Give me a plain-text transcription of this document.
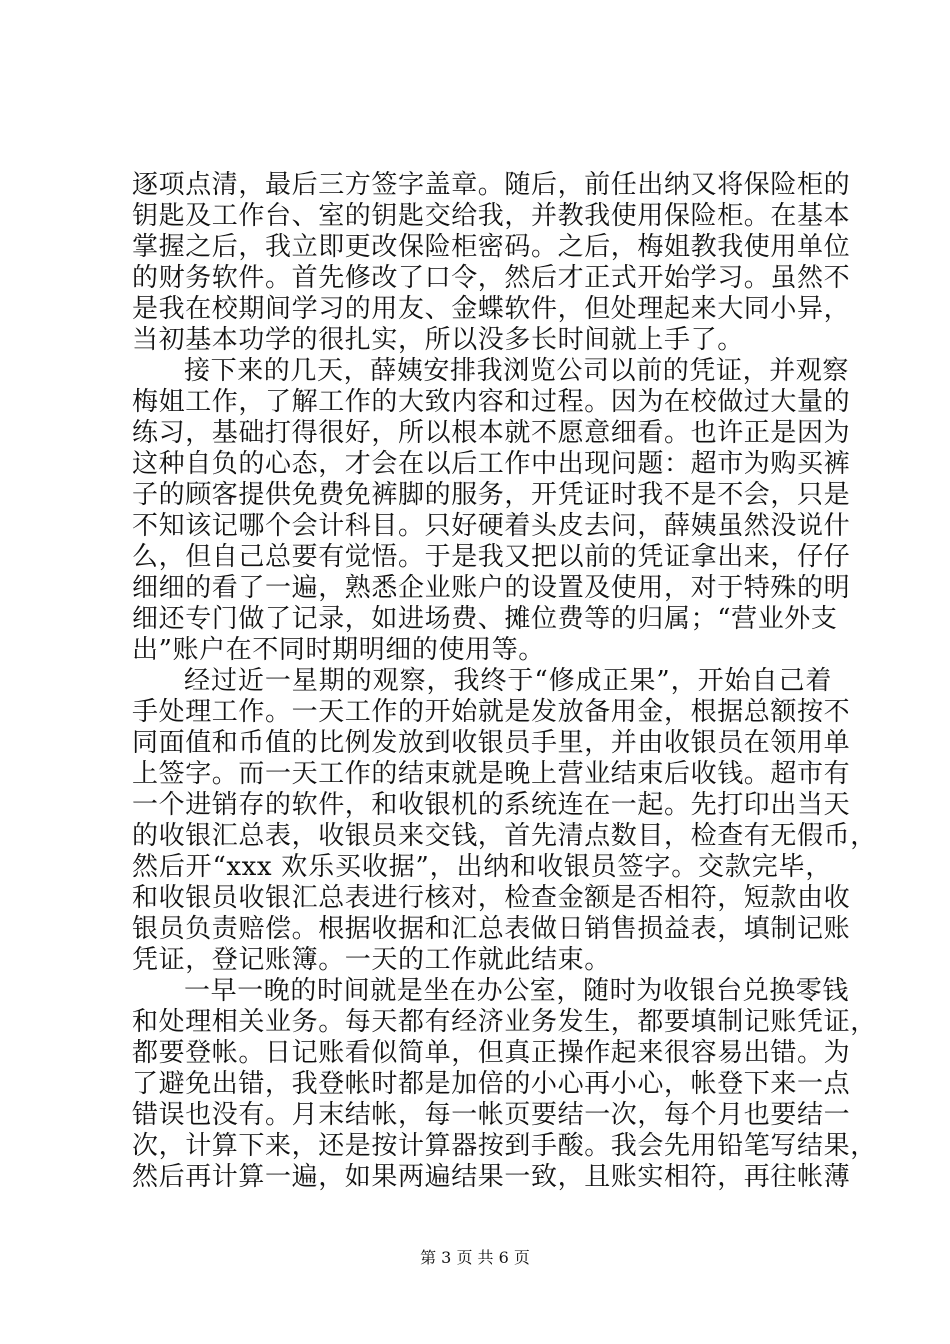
逐项点清，最后三方签字盖章。随后，前任出纳又将保险柜的
钥匙及工作台、室的钥匙交给我，并教我使用保险柜。在基本
掌握之后，我立即更改保险柜密码。之后，梅姐教我使用单位
的财务软件。首先修改了口令，然后才正式开始学习。虽然不
是我在校期间学习的用友、金蝶软件，但处理起来大同小异，
当初基本功学的很扎实，所以没多长时间就上手了。
接下来的几天，薛姨安排我浏览公司以前的凭证，并观察
梅姐工作，了解工作的大致内容和过程。因为在校做过大量的
练习，基础打得很好，所以根本就不愿意细看。也许正是因为
这种自负的心态，才会在以后工作中出现问题：超市为购买裤
子的顾客提供免费免裤脚的服务，开凭证时我不是不会，只是
不知该记哪个会计科目。只好硬着头皮去问，薛姨虽然没说什
么，但自己总要有觉悟。于是我又把以前的凭证拿出来，仔仔
细细的看了一遍，熟悉企业账户的设置及使用，对于特殊的明
细还专门做了记录，如进场费、摊位费等的归属；“营业外支
出”账户在不同时期明细的使用等。
经过近一星期的观察，我终于“修成正果”，开始自己着
手处理工作。一天工作的开始就是发放备用金，根据总额按不
同面值和币值的比例发放到收银员手里，并由收银员在领用单
上签字。而一天工作的结束就是晚上营业结束后收钱。超市有
一个进销存的软件，和收银机的系统连在一起。先打印出当天
的收银汇总表，收银员来交钱，首先清点数目，检查有无假币，
然后开“xxx 欢乐买收据”，出纳和收银员签字。交款完毕，
和收银员收银汇总表进行核对，检查金额是否相符，短款由收
银员负责赔偿。根据收据和汇总表做日销售损益表，填制记账
凭证，登记账簿。一天的工作就此结束。
一早一晚的时间就是坐在办公室，随时为收银台兑换零钱
和处理相关业务。每天都有经济业务发生，都要填制记账凭证，
都要登帐。日记账看似简单，但真正操作起来很容易出错。为
了避免出错，我登帐时都是加倍的小心再小心，帐登下来一点
错误也没有。月末结帐，每一帐页要结一次，每个月也要结一
次，计算下来，还是按计算器按到手酸。我会先用铅笔写结果，
然后再计算一遍，如果两遍结果一致，且账实相符，再往帐薄
第 3 页 共 6 页
